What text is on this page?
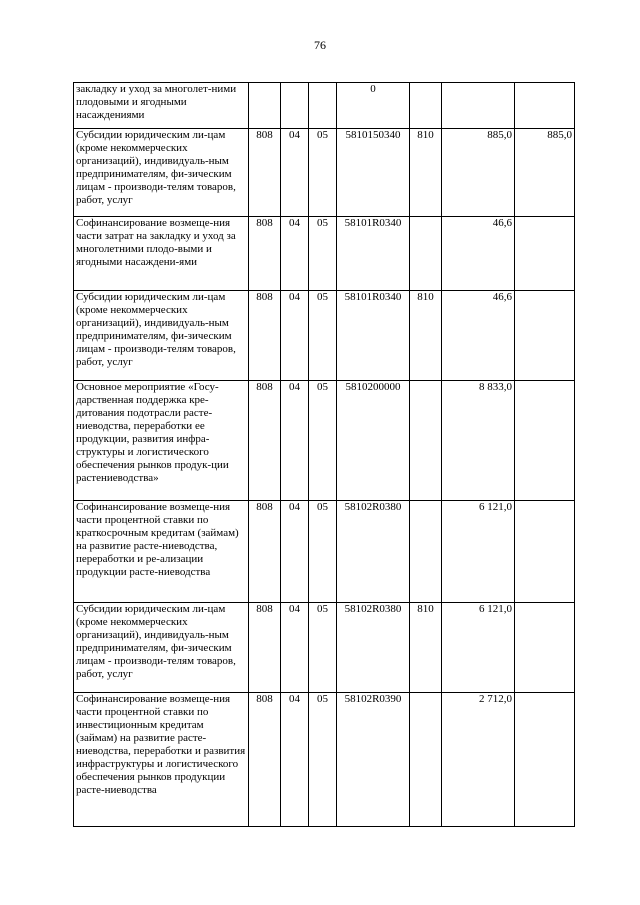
76
закладку и уход за многолет-ними плодовыми и ягодными насаждениями				0			
Субсидии юридическим ли-цам (кроме некоммерческих организаций), индивидуаль-ным предпринимателям, фи-зическим лицам - производи-телям товаров, работ, услуг	808	04	05	5810150340	810	885,0	885,0
Софинансирование возмеще-ния части затрат на закладку и уход за многолетними плодо-выми и ягодными насаждени-ями	808	04	05	58101R0340		46,6	
Субсидии юридическим ли-цам (кроме некоммерческих организаций), индивидуаль-ным предпринимателям, фи-зическим лицам - производи-телям товаров, работ, услуг	808	04	05	58101R0340	810	46,6	
Основное мероприятие «Госу-дарственная поддержка кре-дитования подотрасли расте-ниеводства, переработки ее продукции, развития инфра-структуры и логистического обеспечения рынков продук-ции растениеводства»	808	04	05	5810200000		8 833,0	
Софинансирование возмеще-ния части процентной ставки по краткосрочным кредитам (займам) на развитие расте-ниеводства, переработки и ре-ализации продукции расте-ниеводства	808	04	05	58102R0380		6 121,0	
Субсидии юридическим ли-цам (кроме некоммерческих организаций), индивидуаль-ным предпринимателям, фи-зическим лицам - производи-телям товаров, работ, услуг	808	04	05	58102R0380	810	6 121,0	
Софинансирование возмеще-ния части процентной ставки по инвестиционным кредитам (займам) на развитие расте-ниеводства, переработки и развития инфраструктуры и логистического обеспечения рынков продукции расте-ниеводства	808	04	05	58102R0390		2 712,0	
